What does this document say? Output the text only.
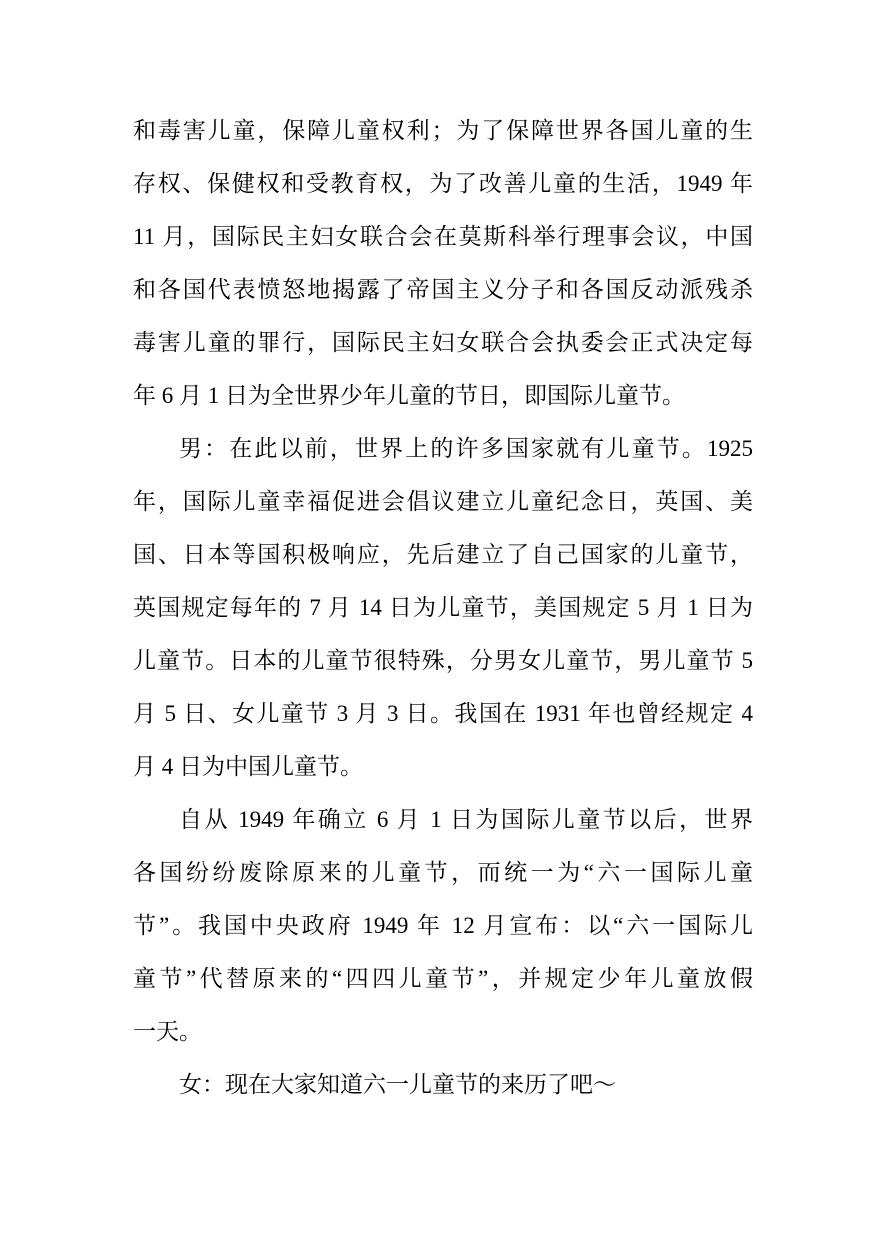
和毒害儿童，保障儿童权利；为了保障世界各国儿童的生
存权、保健权和受教育权，为了改善儿童的生活，1949 年
11 月，国际民主妇女联合会在莫斯科举行理事会议，中国
和各国代表愤怒地揭露了帝国主义分子和各国反动派残杀
毒害儿童的罪行，国际民主妇女联合会执委会正式决定每
年 6 月 1 日为全世界少年儿童的节日，即国际儿童节。
男：在此以前，世界上的许多国家就有儿童节。1925
年，国际儿童幸福促进会倡议建立儿童纪念日，英国、美
国、日本等国积极响应，先后建立了自己国家的儿童节，
英国规定每年的 7 月 14 日为儿童节，美国规定 5 月 1 日为
儿童节。日本的儿童节很特殊，分男女儿童节，男儿童节 5
月 5 日、女儿童节 3 月 3 日。我国在 1931 年也曾经规定 4
月 4 日为中国儿童节。
自从 1949 年确立 6 月 1 日为国际儿童节以后，世界
各国纷纷废除原来的儿童节，而统一为“六一国际儿童
节”。我国中央政府 1949 年 12 月宣布：以“六一国际儿
童节”代替原来的“四四儿童节”，并规定少年儿童放假
一天。
女：现在大家知道六一儿童节的来历了吧～
